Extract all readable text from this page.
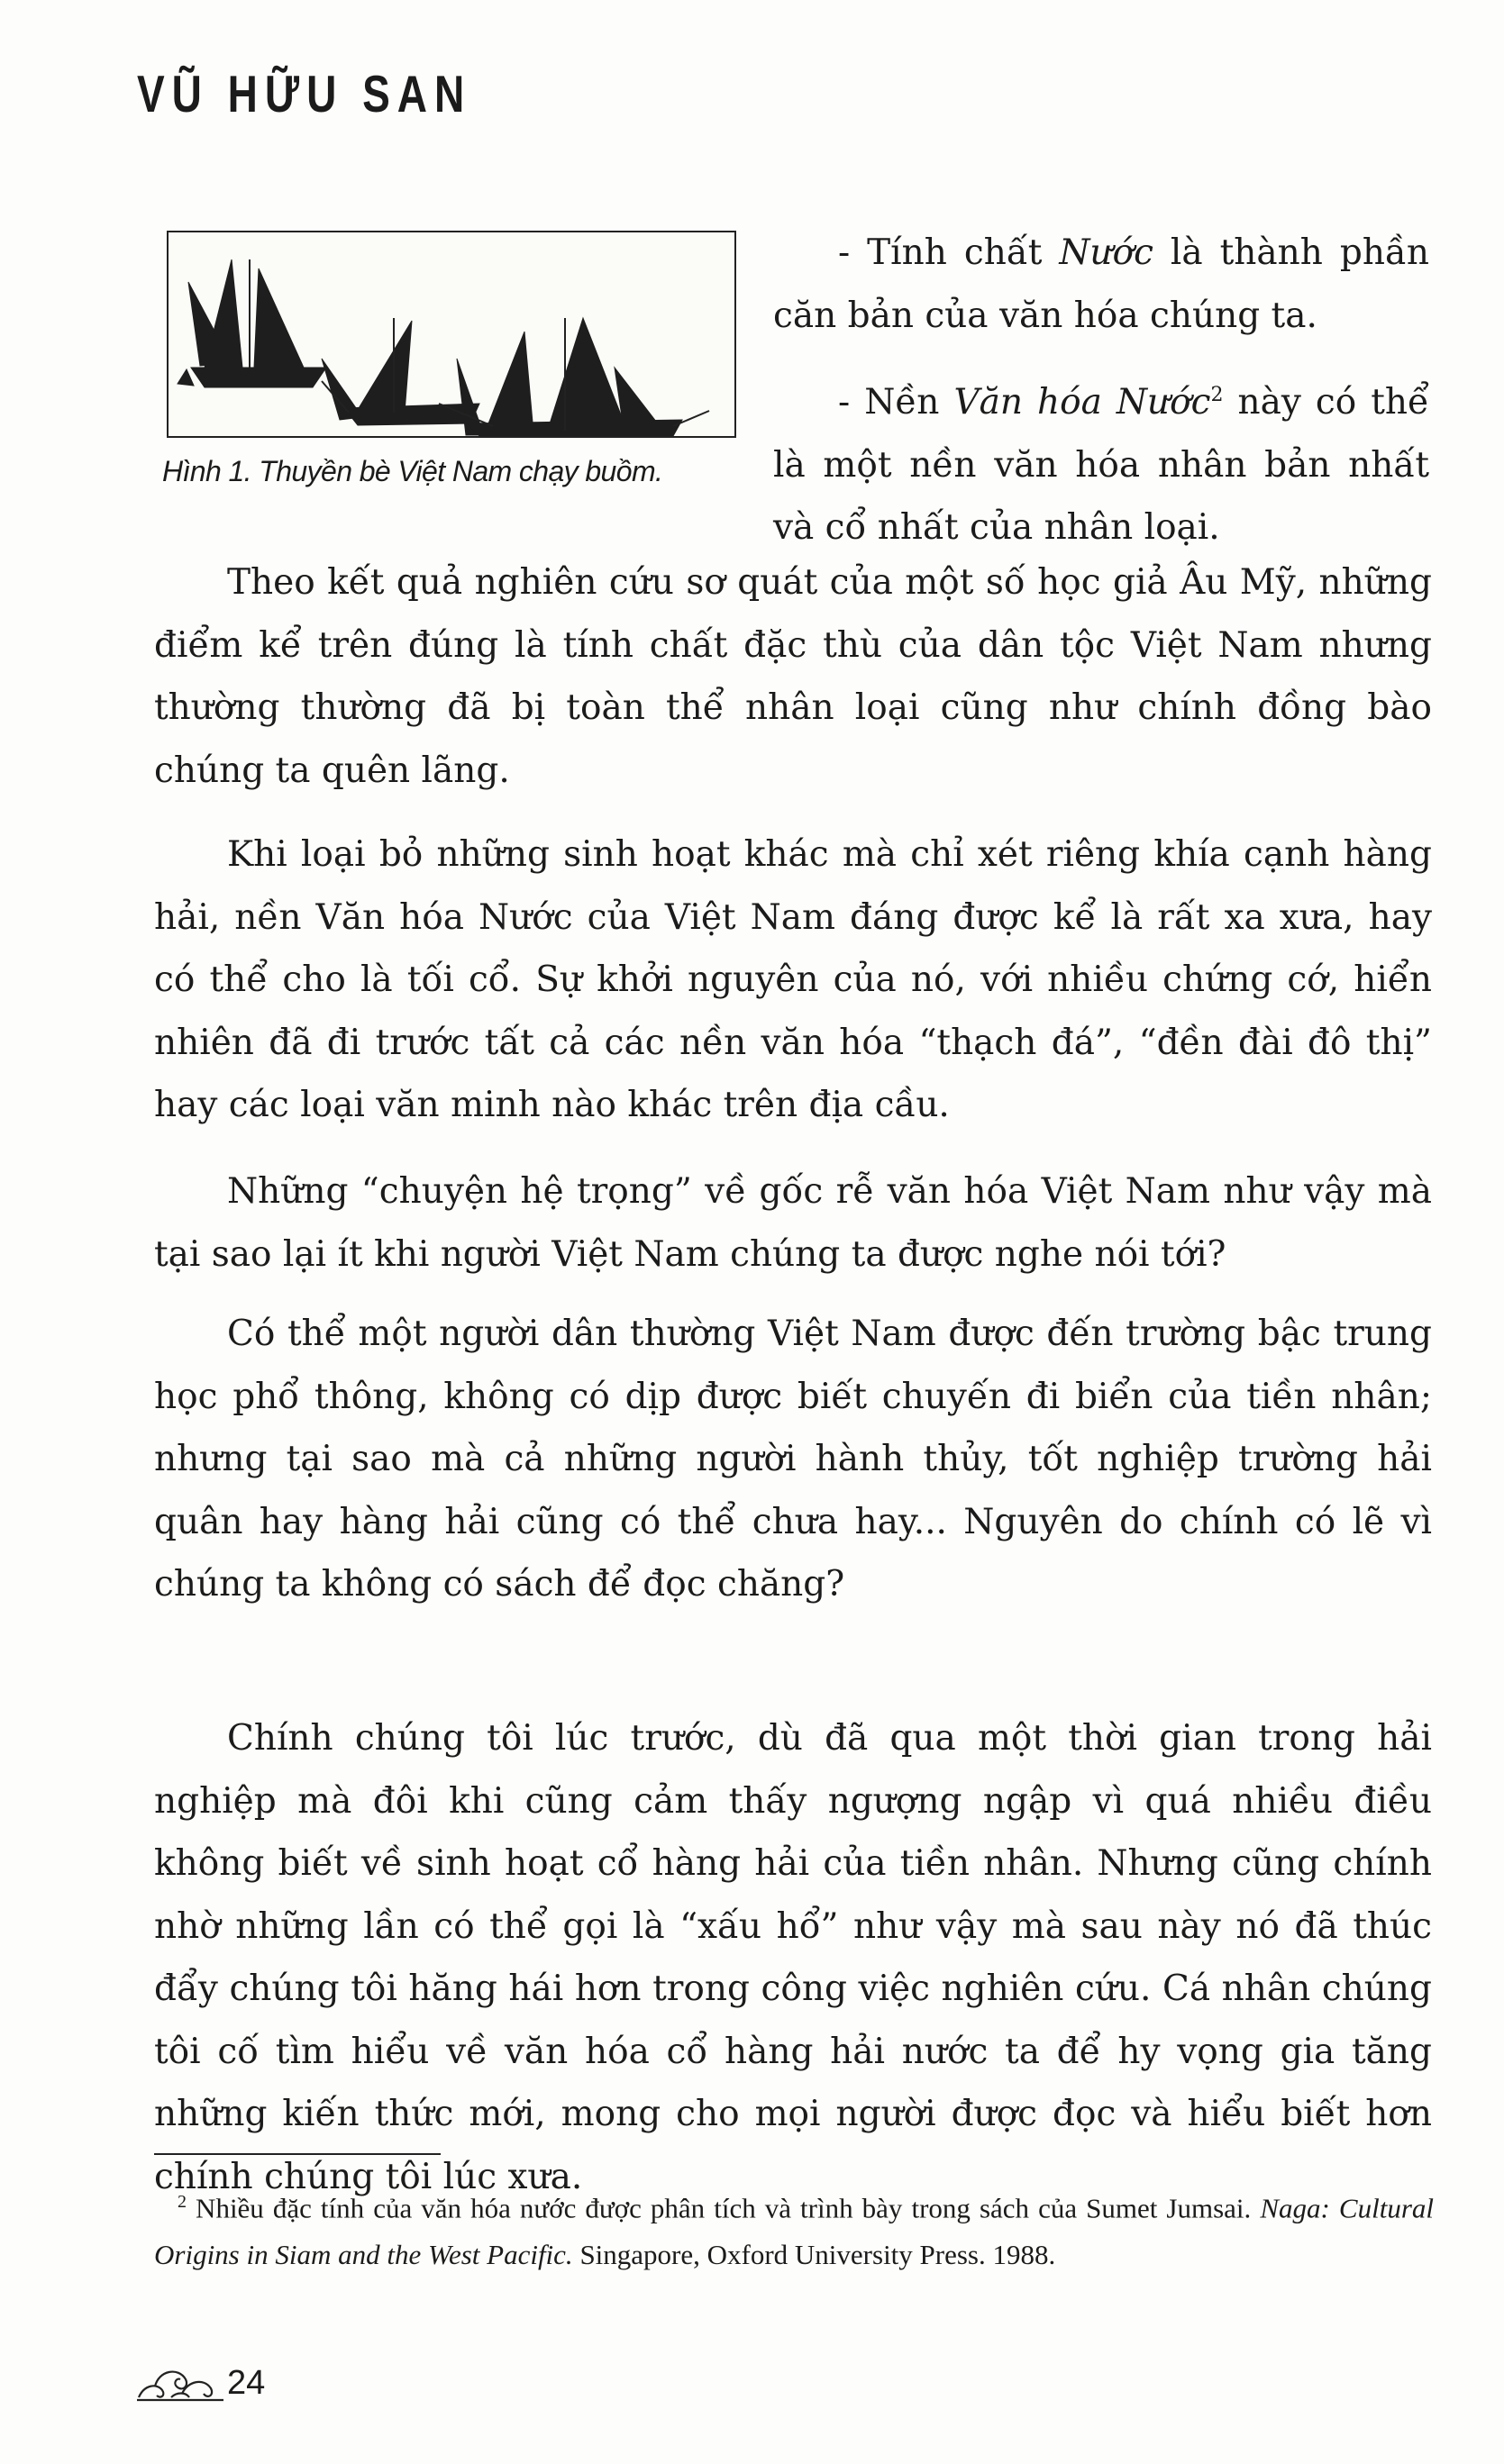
VŨ HỮU SAN
Hình 1. Thuyền bè Việt Nam chạy buồm.

- Tính chất Nước là thành phần căn bản của văn hóa chúng ta.

- Nền Văn hóa Nước$^2$ này có thể là một nền văn hóa nhân bản nhất và cổ nhất của nhân loại.

Theo kết quả nghiên cứu sơ quát của một số học giả Âu Mỹ, những điểm kể trên đúng là tính chất đặc thù của dân tộc Việt Nam nhưng thường thường đã bị toàn thể nhân loại cũng như chính đồng bào chúng ta quên lãng.

Khi loại bỏ những sinh hoạt khác mà chỉ xét riêng khía cạnh hàng hải, nền Văn hóa Nước của Việt Nam đáng được kể là rất xa xưa, hay có thể cho là tối cổ. Sự khởi nguyên của nó, với nhiều chứng cớ, hiển nhiên đã đi trước tất cả các nền văn hóa “thạch đá”, “đền đài đô thị” hay các loại văn minh nào khác trên địa cầu.

Những “chuyện hệ trọng” về gốc rễ văn hóa Việt Nam như vậy mà tại sao lại ít khi người Việt Nam chúng ta được nghe nói tới?

Có thể một người dân thường Việt Nam được đến trường bậc trung học phổ thông, không có dịp được biết chuyến đi biển của tiền nhân; nhưng tại sao mà cả những người hành thủy, tốt nghiệp trường hải quân hay hàng hải cũng có thể chưa hay... Nguyên do chính có lẽ vì chúng ta không có sách để đọc chăng?

Chính chúng tôi lúc trước, dù đã qua một thời gian trong hải nghiệp mà đôi khi cũng cảm thấy ngượng ngập vì quá nhiều điều không biết về sinh hoạt cổ hàng hải của tiền nhân. Nhưng cũng chính nhờ những lần có thể gọi là “xấu hổ” như vậy mà sau này nó đã thúc đẩy chúng tôi hăng hái hơn trong công việc nghiên cứu. Cá nhân chúng tôi cố tìm hiểu về văn hóa cổ hàng hải nước ta để hy vọng gia tăng những kiến thức mới, mong cho mọi người được đọc và hiểu biết hơn chính chúng tôi lúc xưa.

$^2$ Nhiều đặc tính của văn hóa nước được phân tích và trình bày trong sách của Sumet Jumsai. Naga: Cultural Origins in Siam and the West Pacific. Singapore, Oxford University Press. 1988.
24
